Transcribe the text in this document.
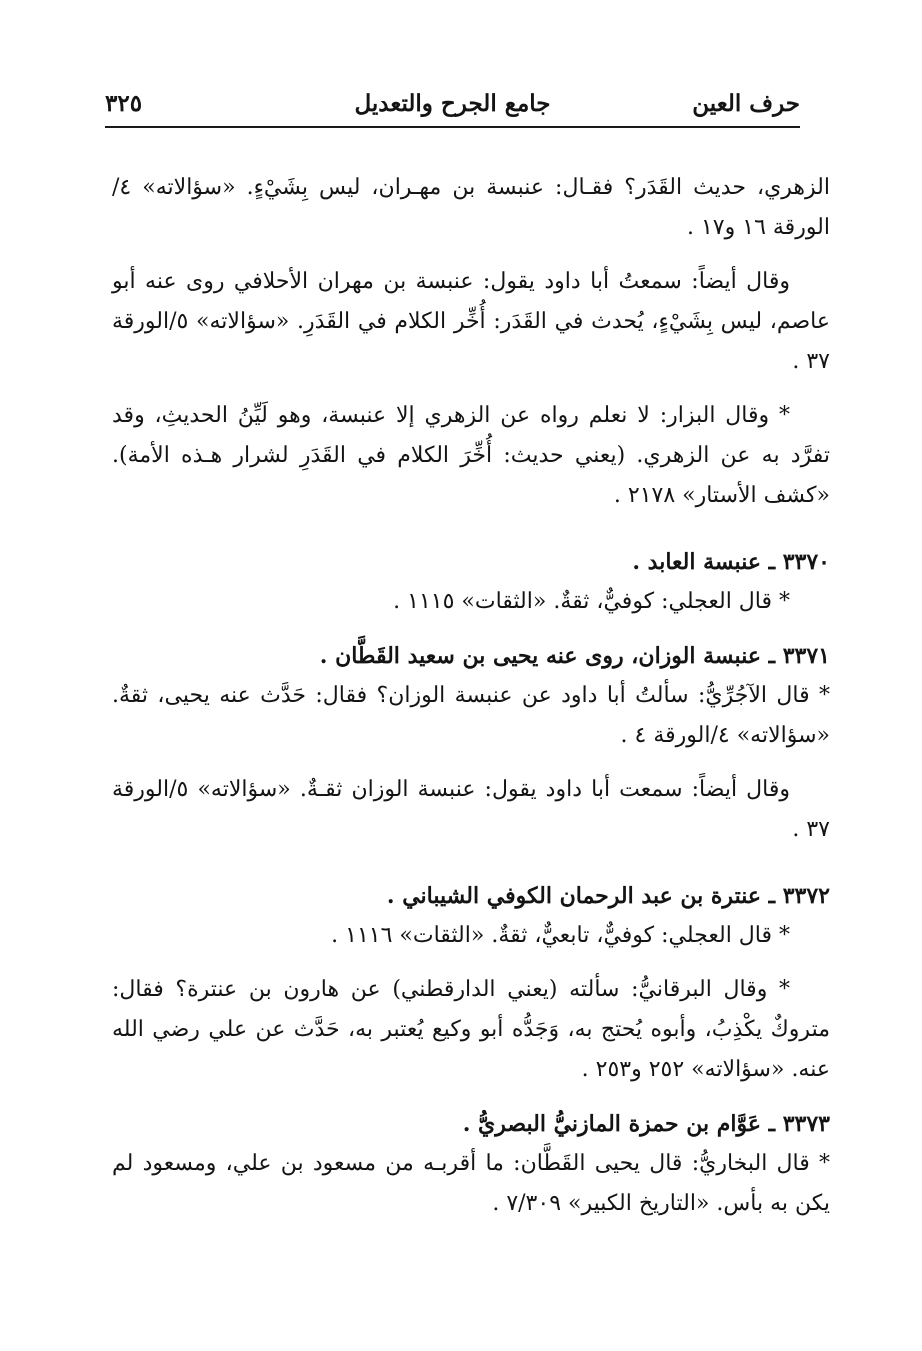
حرف العين
جامع الجرح والتعديل
٣٢٥

الزهري، حديث القَدَر؟ فقـال: عنبسة بن مهـران، ليس بِشَيْءٍ. «سؤالاته» ٤/الورقة ١٦ و١٧ .

وقال أيضاً: سمعتُ أبا داود يقول: عنبسة بن مهران الأحلافي روى عنه أبو عاصم، ليس بِشَيْءٍ، يُحدث في القَدَر: أُخِّر الكلام في القَدَرِ. «سؤالاته» ٥/الورقة ٣٧ .

* وقال البزار: لا نعلم رواه عن الزهري إلا عنبسة، وهو لَيِّنُ الحديثِ، وقد تفرَّد به عن الزهري. (يعني حديث: أُخِّرَ الكلام في القَدَرِ لشرار هـذه الأمة). «كشف الأستار» ٢١٧٨ .

٣٣٧٠ ـ عنبسة العابد .

* قال العجلي: كوفيٌّ، ثقةٌ. «الثقات» ١١١٥ .

٣٣٧١ ـ عنبسة الوزان، روى عنه يحيى بن سعيد القَطَّان .

* قال الآجُرِّيُّ: سألتُ أبا داود عن عنبسة الوزان؟ فقال: حَدَّث عنه يحيى، ثقةٌ. «سؤالاته» ٤/الورقة ٤ .

وقال أيضاً: سمعت أبا داود يقول: عنبسة الوزان ثقـةٌ. «سؤالاته» ٥/الورقة ٣٧ .

٣٣٧٢ ـ عنترة بن عبد الرحمان الكوفي الشيباني .

* قال العجلي: كوفيٌّ، تابعيٌّ، ثقةٌ. «الثقات» ١١١٦ .

* وقال البرقانيُّ: سألته (يعني الدارقطني) عن هارون بن عنترة؟ فقال: متروكٌ يكْذِبُ، وأبوه يُحتج به، وَجَدُّه أبو وكيع يُعتبر به، حَدَّث عن علي رضي الله عنه. «سؤالاته» ٢٥٢ و٢٥٣ .

٣٣٧٣ ـ عَوَّام بن حمزة المازنيُّ البصريُّ .

* قال البخاريُّ: قال يحيى القَطَّان: ما أقربـه من مسعود بن علي، ومسعود لم يكن به بأس. «التاريخ الكبير» ٧/٣٠٩ .
